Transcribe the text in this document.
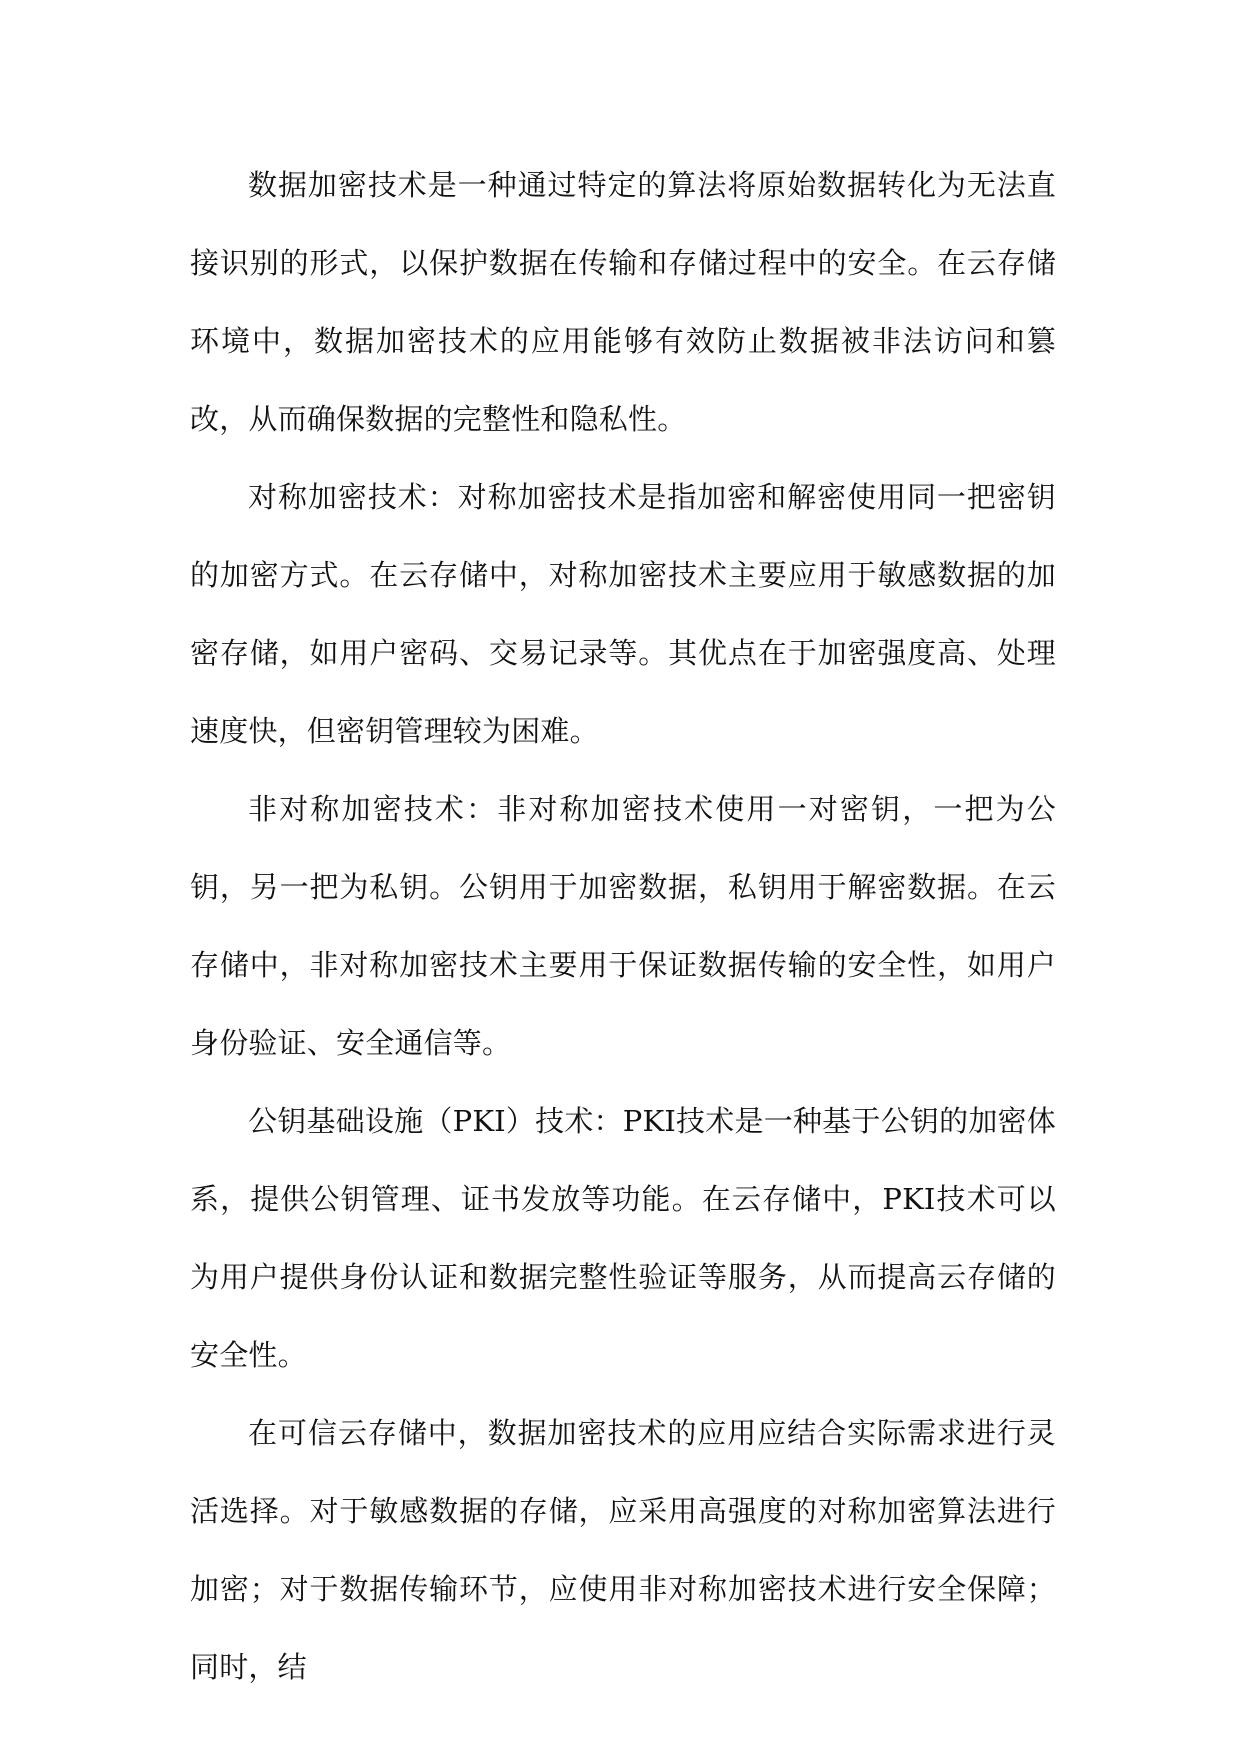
数据加密技术是一种通过特定的算法将原始数据转化为无法直接识别的形式，以保护数据在传输和存储过程中的安全。在云存储环境中，数据加密技术的应用能够有效防止数据被非法访问和篡改，从而确保数据的完整性和隐私性。

对称加密技术：对称加密技术是指加密和解密使用同一把密钥的加密方式。在云存储中，对称加密技术主要应用于敏感数据的加密存储，如用户密码、交易记录等。其优点在于加密强度高、处理速度快，但密钥管理较为困难。

非对称加密技术：非对称加密技术使用一对密钥，一把为公钥，另一把为私钥。公钥用于加密数据，私钥用于解密数据。在云存储中，非对称加密技术主要用于保证数据传输的安全性，如用户身份验证、安全通信等。

公钥基础设施（PKI）技术：PKI技术是一种基于公钥的加密体系，提供公钥管理、证书发放等功能。在云存储中，PKI技术可以为用户提供身份认证和数据完整性验证等服务，从而提高云存储的安全性。

在可信云存储中，数据加密技术的应用应结合实际需求进行灵活选择。对于敏感数据的存储，应采用高强度的对称加密算法进行加密；对于数据传输环节，应使用非对称加密技术进行安全保障；同时，结
